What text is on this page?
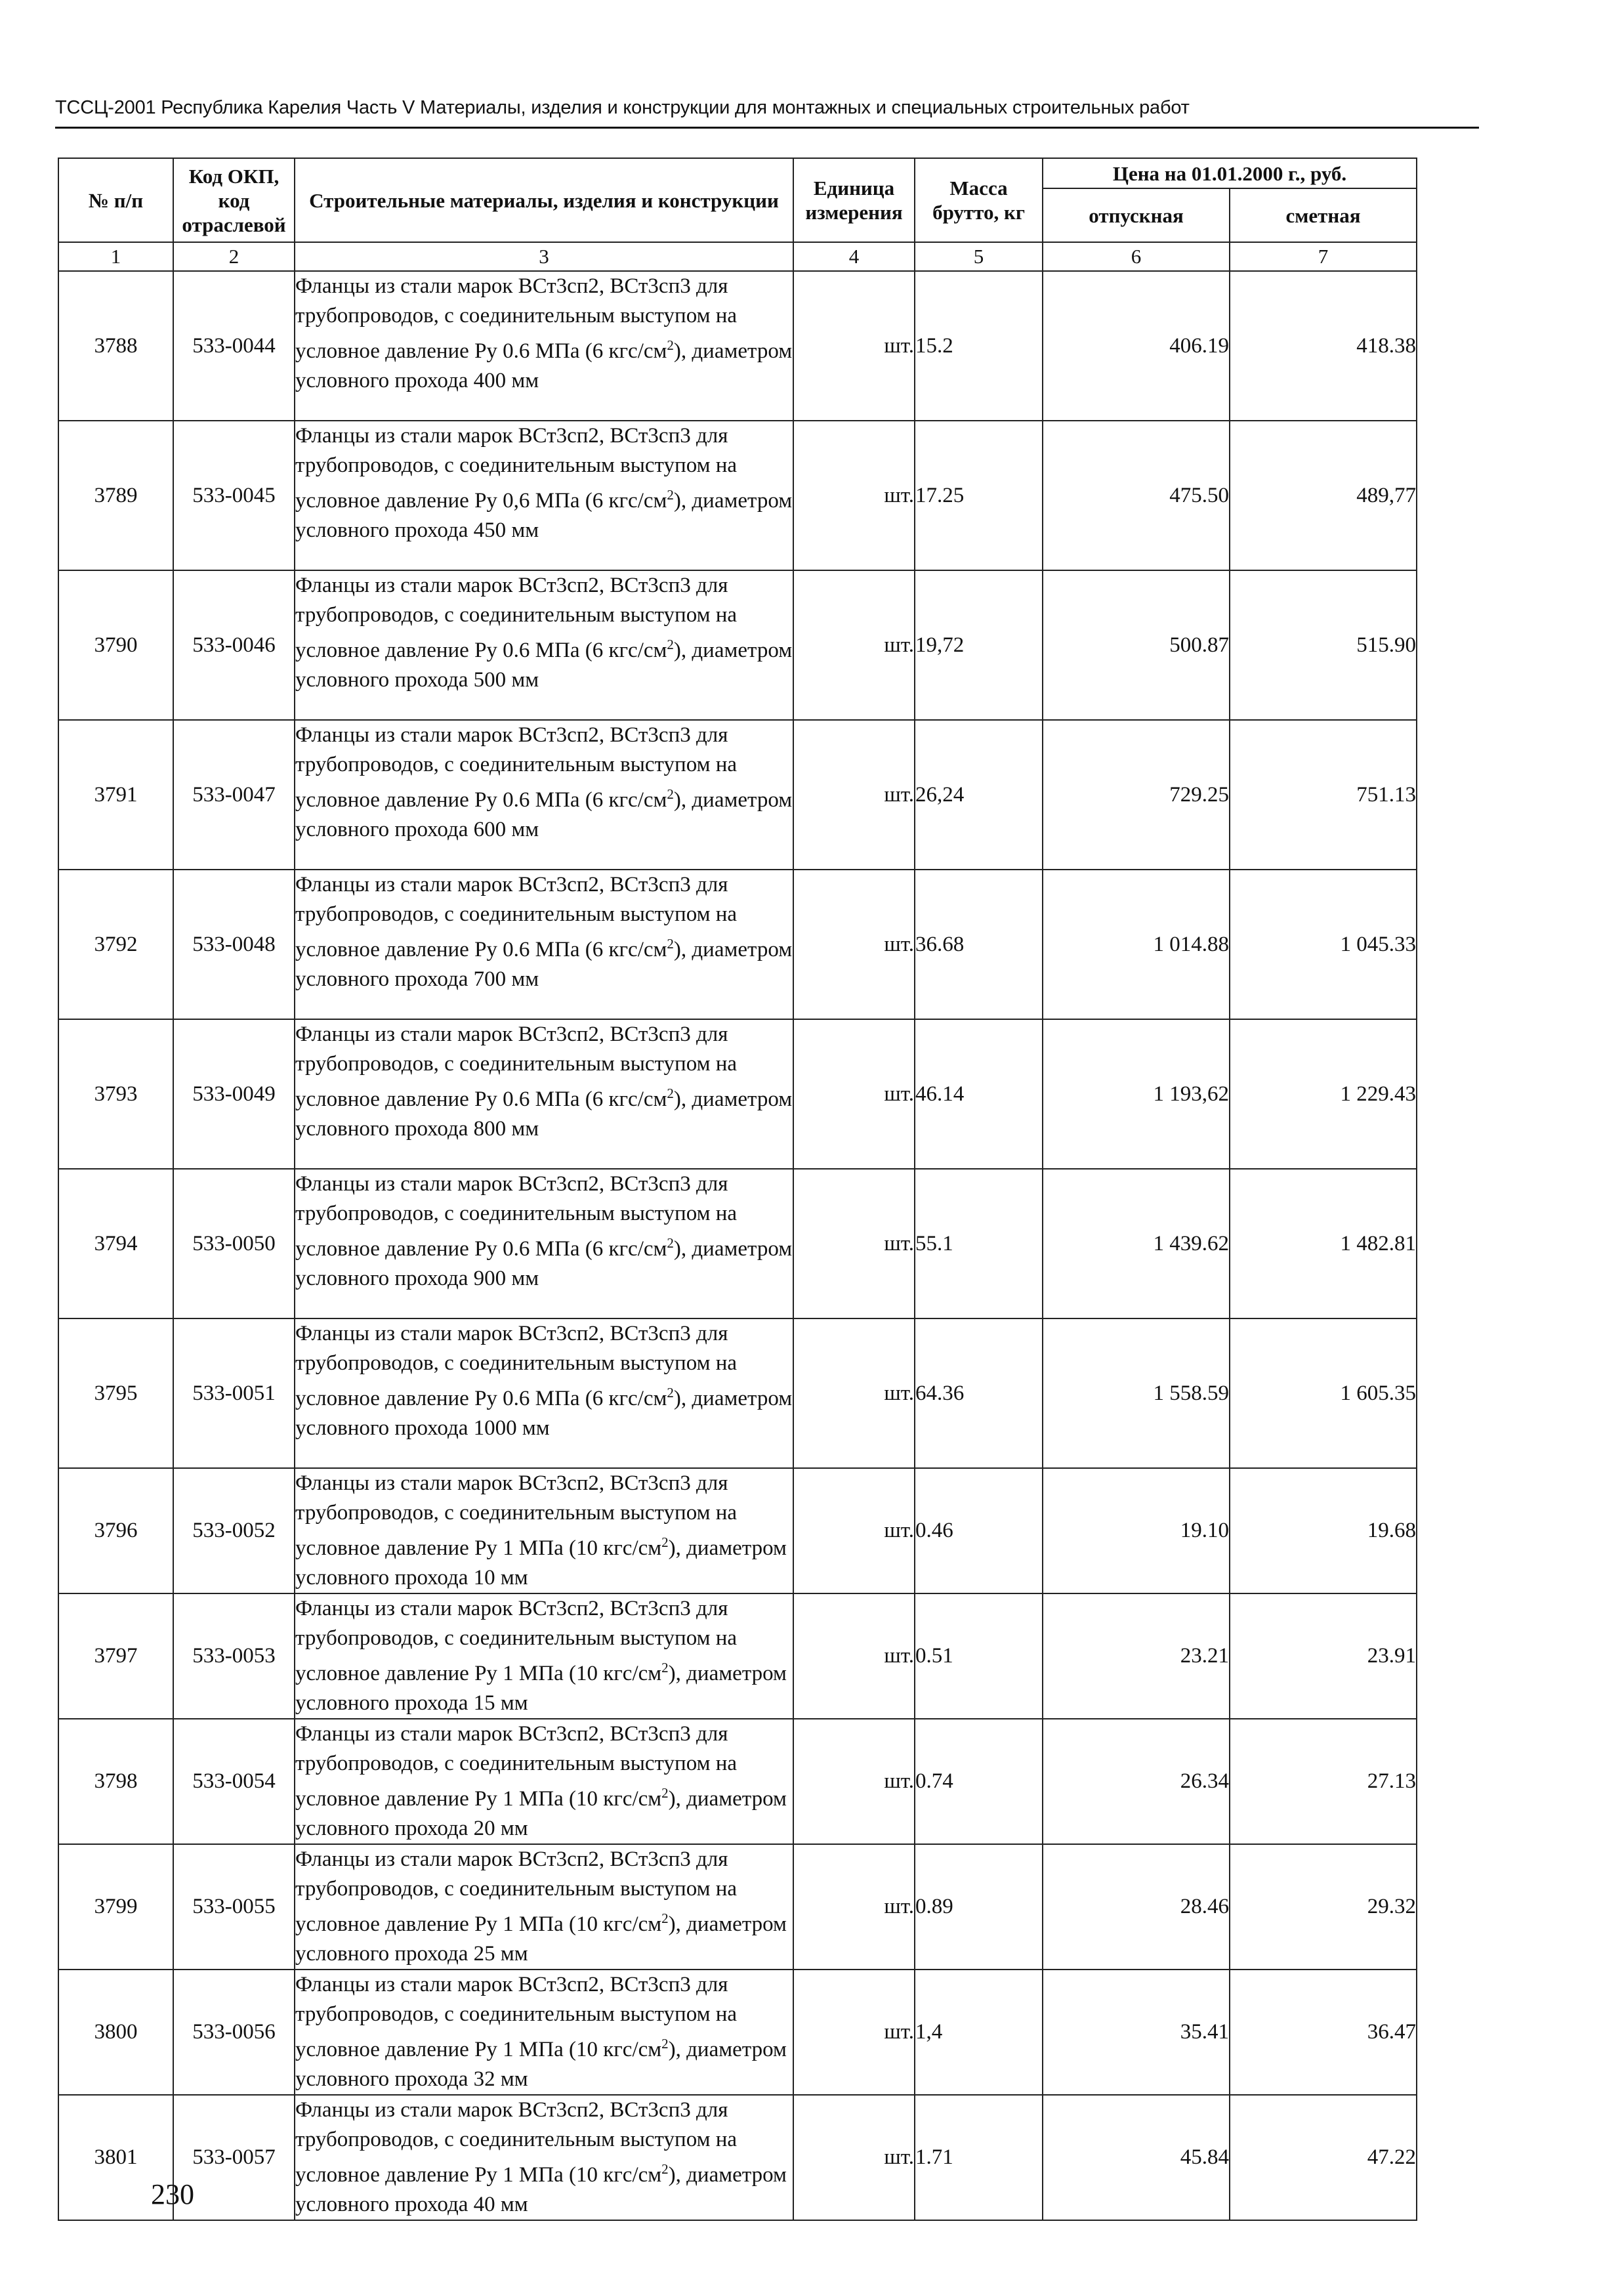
ТССЦ-2001 Республика Карелия Часть V Материалы, изделия и конструкции для монтажных и специальных строительных работ
№ п/п	Код ОКП, код отраслевой	Строительные материалы, изделия и конструкции	Единица измерения	Масса брутто, кг	Цена на 01.01.2000 г., руб.	
					отпускная	сметная
1	2	3	4	5	6	7
3788	533-0044	Фланцы из стали марок ВСт3сп2, ВСт3сп3 для трубопроводов, с соединительным выступом на условное давление Ру 0.6 МПа (6 кгс/$см^2$), диаметром условного прохода 400 мм	шт.	15.2	406.19	418.38
3789	533-0045	Фланцы из стали марок ВСт3сп2, ВСт3сп3 для трубопроводов, с соединительным выступом на условное давление Ру 0,6 МПа (6 кгс/$см^2$), диаметром условного прохода 450 мм	шт.	17.25	475.50	489,77
3790	533-0046	Фланцы из стали марок ВСт3сп2, ВСт3сп3 для трубопроводов, с соединительным выступом на условное давление Ру 0.6 МПа (6 кгс/$см^2$), диаметром условного прохода 500 мм	шт.	19,72	500.87	515.90
3791	533-0047	Фланцы из стали марок ВСт3сп2, ВСт3сп3 для трубопроводов, с соединительным выступом на условное давление Ру 0.6 МПа (6 кгс/$см^2$), диаметром условного прохода 600 мм	шт.	26,24	729.25	751.13
3792	533-0048	Фланцы из стали марок ВСт3сп2, ВСт3сп3 для трубопроводов, с соединительным выступом на условное давление Ру 0.6 МПа (6 кгс/$см^2$), диаметром условного прохода 700 мм	шт.	36.68	1 014.88	1 045.33
3793	533-0049	Фланцы из стали марок ВСт3сп2, ВСт3сп3 для трубопроводов, с соединительным выступом на условное давление Ру 0.6 МПа (6 кгс/$см^2$), диаметром условного прохода 800 мм	шт.	46.14	1 193,62	1 229.43
3794	533-0050	Фланцы из стали марок ВСт3сп2, ВСт3сп3 для трубопроводов, с соединительным выступом на условное давление Ру 0.6 МПа (6 кгс/$см^2$), диаметром условного прохода 900 мм	шт.	55.1	1 439.62	1 482.81
3795	533-0051	Фланцы из стали марок ВСт3сп2, ВСт3сп3 для трубопроводов, с соединительным выступом на условное давление Ру 0.6 МПа (6 кгс/$см^2$), диаметром условного прохода 1000 мм	шт.	64.36	1 558.59	1 605.35
3796	533-0052	Фланцы из стали марок ВСт3сп2, ВСт3сп3 для трубопроводов, с соединительным выступом на условное давление Ру 1 МПа (10 кгс/$см^2$), диаметром условного прохода 10 мм	шт.	0.46	19.10	19.68
3797	533-0053	Фланцы из стали марок ВСт3сп2, ВСт3сп3 для трубопроводов, с соединительным выступом на условное давление Ру 1 МПа (10 кгс/$см^2$), диаметром условного прохода 15 мм	шт.	0.51	23.21	23.91
3798	533-0054	Фланцы из стали марок ВСт3сп2, ВСт3сп3 для трубопроводов, с соединительным выступом на условное давление Ру 1 МПа (10 кгс/$см^2$), диаметром условного прохода 20 мм	шт.	0.74	26.34	27.13
3799	533-0055	Фланцы из стали марок ВСт3сп2, ВСт3сп3 для трубопроводов, с соединительным выступом на условное давление Ру 1 МПа (10 кгс/$см^2$), диаметром условного прохода 25 мм	шт.	0.89	28.46	29.32
3800	533-0056	Фланцы из стали марок ВСт3сп2, ВСт3сп3 для трубопроводов, с соединительным выступом на условное давление Ру 1 МПа (10 кгс/$см^2$), диаметром условного прохода 32 мм	шт.	1,4	35.41	36.47
3801	533-0057	Фланцы из стали марок ВСт3сп2, ВСт3сп3 для трубопроводов, с соединительным выступом на условное давление Ру 1 МПа (10 кгс/$см^2$), диаметром условного прохода 40 мм	шт.	1.71	45.84	47.22
230
